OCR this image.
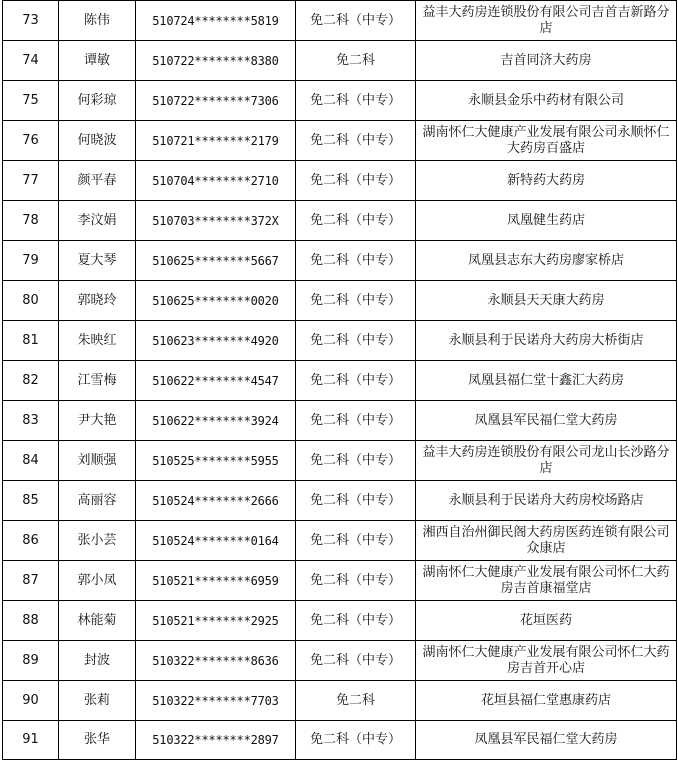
73	陈伟	510724********5819	免二科（中专）	益丰大药房连锁股份有限公司吉首吉新路分店
74	谭敏	510722********8380	免二科	吉首同济大药房
75	何彩琼	510722********7306	免二科（中专）	永顺县金乐中药材有限公司
76	何晓波	510721********2179	免二科（中专）	湖南怀仁大健康产业发展有限公司永顺怀仁大药房百盛店
77	颜平春	510704********2710	免二科（中专）	新特药大药房
78	李汶娟	510703********372X	免二科（中专）	凤凰健生药店
79	夏大琴	510625********5667	免二科（中专）	凤凰县志东大药房廖家桥店
80	郭晓玲	510625********0020	免二科（中专）	永顺县天天康大药房
81	朱映红	510623********4920	免二科（中专）	永顺县利于民诺舟大药房大桥街店
82	江雪梅	510622********4547	免二科（中专）	凤凰县福仁堂十鑫汇大药房
83	尹大艳	510622********3924	免二科（中专）	凤凰县军民福仁堂大药房
84	刘顺强	510525********5955	免二科（中专）	益丰大药房连锁股份有限公司龙山长沙路分店
85	高丽容	510524********2666	免二科（中专）	永顺县利于民诺舟大药房校场路店
86	张小芸	510524********0164	免二科（中专）	湘西自治州御民阁大药房医药连锁有限公司众康店
87	郭小凤	510521********6959	免二科（中专）	湖南怀仁大健康产业发展有限公司怀仁大药房吉首康福堂店
88	林能菊	510521********2925	免二科（中专）	花垣医药
89	封波	510322********8636	免二科（中专）	湖南怀仁大健康产业发展有限公司怀仁大药房吉首开心店
90	张莉	510322********7703	免二科	花垣县福仁堂惠康药店
91	张华	510322********2897	免二科（中专）	凤凰县军民福仁堂大药房
